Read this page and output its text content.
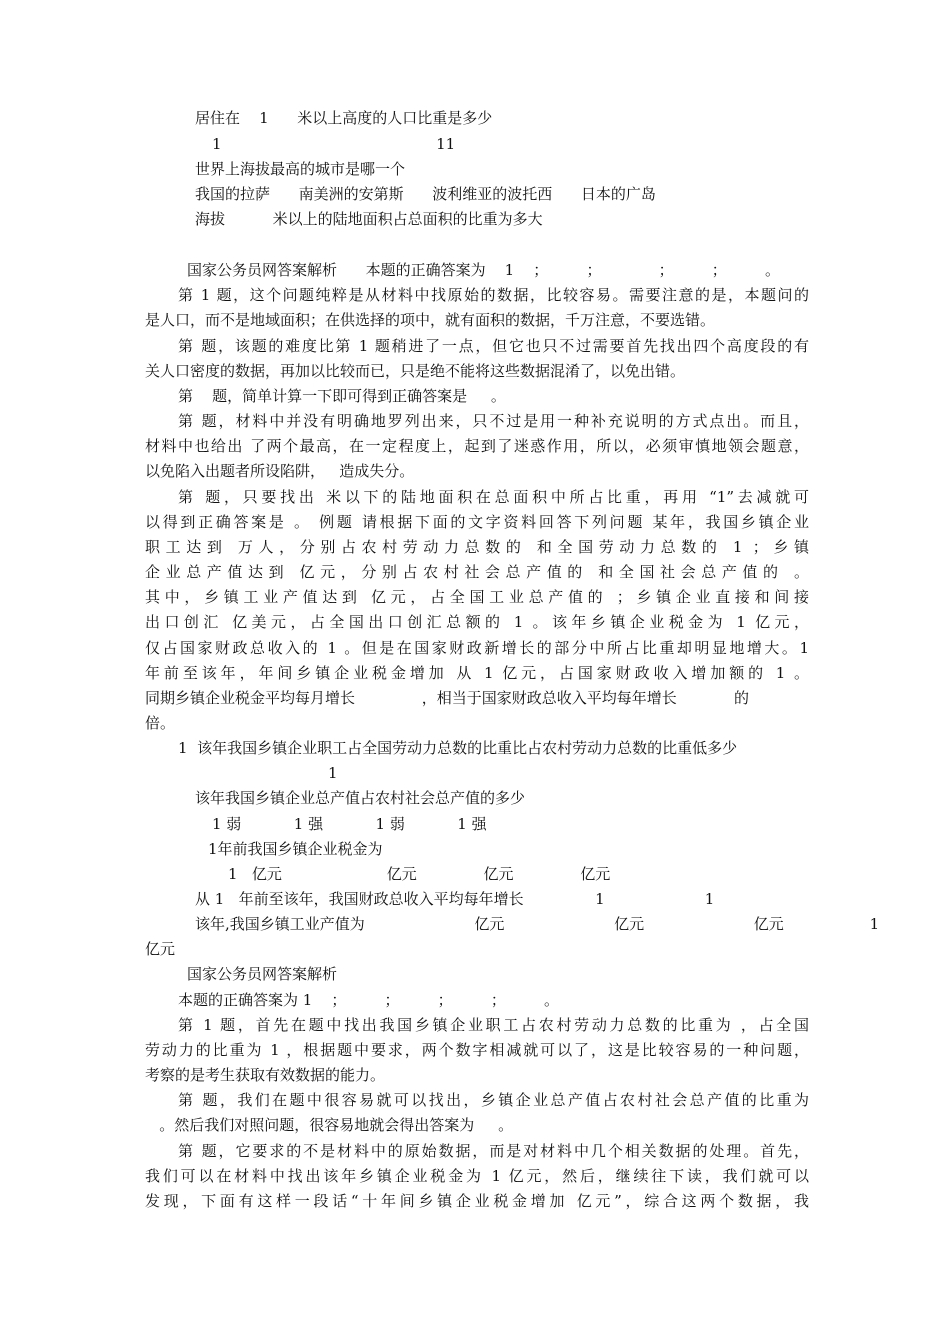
居住在    1      米以上高度的人口比重是多少
1                                             11
世界上海拔最高的城市是哪一个
我国的拉萨      南美洲的安第斯      波利维亚的波托西      日本的广岛
海拔          米以上的陆地面积占总面积的比重为多大
国家公务员网答案解析      本题的正确答案为    1    ；        ；            ；        ；        。
第 1 题，这个问题纯粹是从材料中找原始的数据，比较容易。需要注意的是，本题问的
是人口，而不是地域面积；在供选择的项中，就有面积的数据，千万注意，不要选错。
第 题，该题的难度比第 1 题稍进了一点，但它也只不过需要首先找出四个高度段的有
关人口密度的数据，再加以比较而已，只是绝不能将这些数据混淆了，以免出错。
第    题，简单计算一下即可得到正确答案是     。
第 题，材料中并没有明确地罗列出来，只不过是用一种补充说明的方式点出。而且，
材料中也给出 了两个最高，在一定程度上，起到了迷惑作用，所以，必须审慎地领会题意，
以免陷入出题者所设陷阱，   造成失分。
第 题，只要找出 米以下的陆地面积在总面积中所占比重，再用 “1”去减就可
以得到正确答案是 。 例题 请根据下面的文字资料回答下列问题 某年，我国乡镇企业
职工达到 万人，分别占农村劳动力总数的 和全国劳动力总数的 1 ；乡镇
企业总产值达到 亿元，分别占农村社会总产值的 和全国社会总产值的 。
其中，乡镇工业产值达到 亿元，占全国工业总产值的 ；乡镇企业直接和间接
出口创汇 亿美元，占全国出口创汇总额的 1 。该年乡镇企业税金为 1 亿元，
仅占国家财政总收入的 1 。但是在国家财政新增长的部分中所占比重却明显地增大。1
年前至该年，年间乡镇企业税金增加 从 1 亿元，占国家财政收入增加额的 1 。
同期乡镇企业税金平均每月增长              ，相当于国家财政总收入平均每年增长            的
倍。
1  该年我国乡镇企业职工占全国劳动力总数的比重比占农村劳动力总数的比重低多少
1
该年我国乡镇企业总产值占农村社会总产值的多少
1 弱           1 强           1 弱           1 强
1年前我国乡镇企业税金为
1   亿元                      亿元              亿元              亿元
从 1   年前至该年，我国财政总收入平均每年增长               1                     1
该年,我国乡镇工业产值为                       亿元                       亿元                       亿元                  1
亿元
国家公务员网答案解析
本题的正确答案为 1    ；        ；        ；        ；        。
第 1 题，首先在题中找出我国乡镇企业职工占农村劳动力总数的比重为 ，占全国
劳动力的比重为 1 ，根据题中要求，两个数字相减就可以了，这是比较容易的一种问题，
考察的是考生获取有效数据的能力。
第 题，我们在题中很容易就可以找出，乡镇企业总产值占农村社会总产值的比重为
。然后我们对照问题，很容易地就会得出答案为     。
第 题，它要求的不是材料中的原始数据，而是对材料中几个相关数据的处理。首先，
我们可以在材料中找出该年乡镇企业税金为 1 亿元，然后，继续往下读，我们就可以
发现，下面有这样一段话“十年间乡镇企业税金增加 亿元”，综合这两个数据，我
